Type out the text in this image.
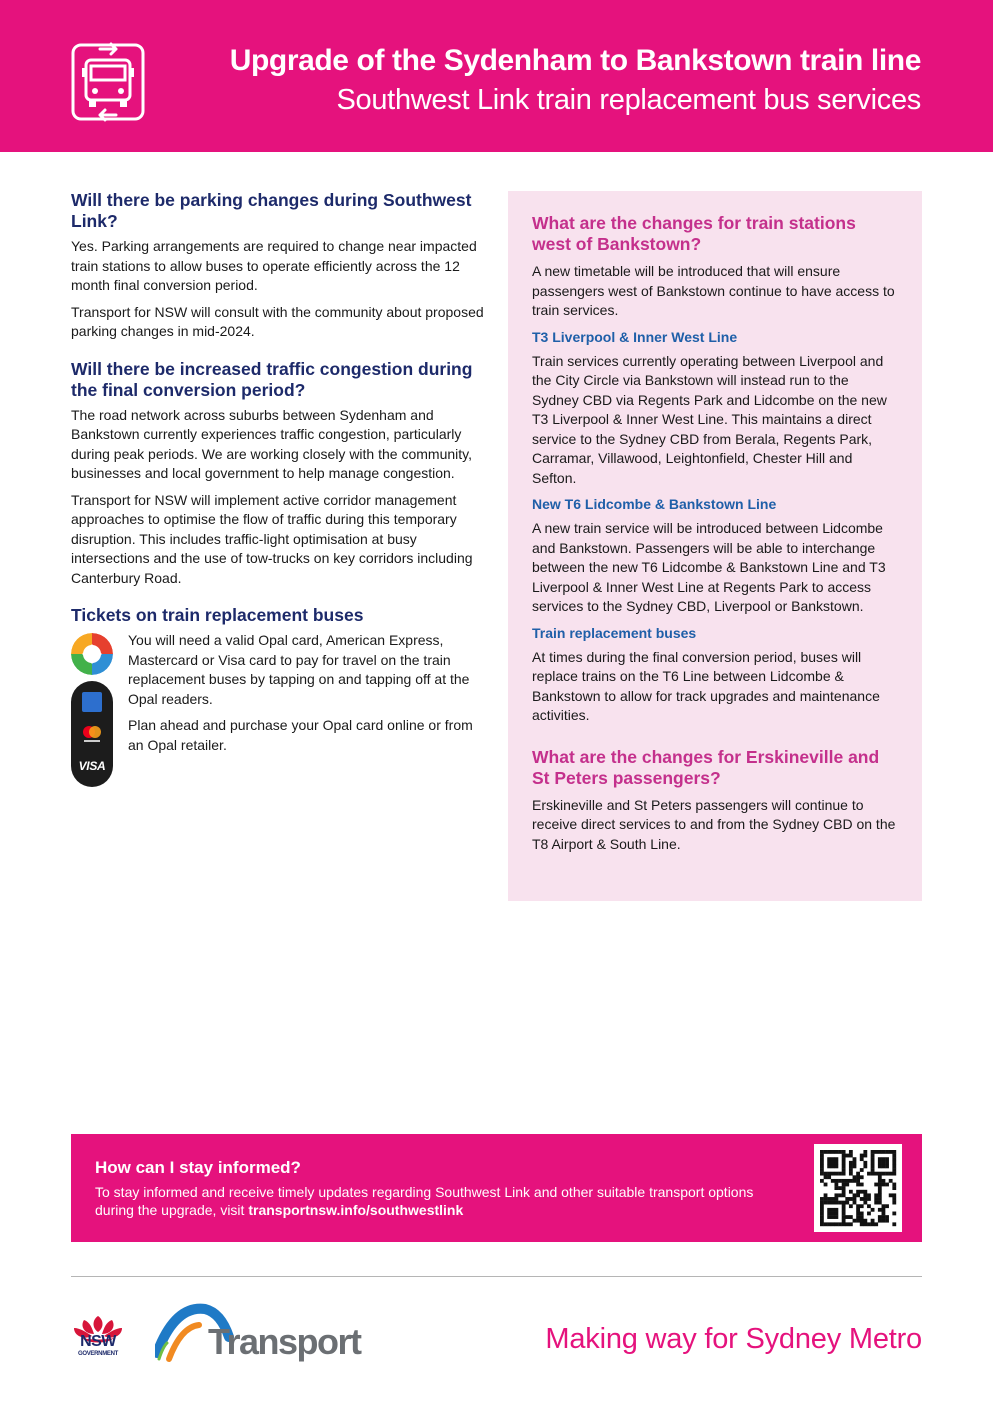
Upgrade of the Sydenham to Bankstown train line
Southwest Link train replacement bus services
Will there be parking changes during Southwest Link?

Yes. Parking arrangements are required to change near impacted train stations to allow buses to operate efficiently across the 12 month final conversion period.

Transport for NSW will consult with the community about proposed parking changes in mid-2024.

Will there be increased traffic congestion during the final conversion period?

The road network across suburbs between Sydenham and Bankstown currently experiences traffic congestion, particularly during peak periods. We are working closely with the community, businesses and local government to help manage congestion.

Transport for NSW will implement active corridor management approaches to optimise the flow of traffic during this temporary disruption. This includes traffic-light optimisation at busy intersections and the use of tow-trucks on key corridors including Canterbury Road.

Tickets on train replacement buses
VISA

You will need a valid Opal card, American Express, Mastercard or Visa card to pay for travel on the train replacement buses by tapping on and tapping off at the Opal readers.

Plan ahead and purchase your Opal card online or from an Opal retailer.

What are the changes for train stations west of Bankstown?

A new timetable will be introduced that will ensure passengers west of Bankstown continue to have access to train services.

T3 Liverpool & Inner West Line

Train services currently operating between Liverpool and the City Circle via Bankstown will instead run to the Sydney CBD via Regents Park and Lidcombe on the new T3 Liverpool & Inner West Line. This maintains a direct service to the Sydney CBD from Berala, Regents Park, Carramar, Villawood, Leightonfield, Chester Hill and Sefton.

New T6 Lidcombe & Bankstown Line

A new train service will be introduced between Lidcombe and Bankstown. Passengers will be able to interchange between the new T6 Lidcombe & Bankstown Line and T3 Liverpool & Inner West Line at Regents Park to access services to the Sydney CBD, Liverpool or Bankstown.

Train replacement buses

At times during the final conversion period, buses will replace trains on the T6 Line between Lidcombe & Bankstown to allow for track upgrades and maintenance activities.

What are the changes for Erskineville and St Peters passengers?

Erskineville and St Peters passengers will continue to receive direct services to and from the Sydney CBD on the T8 Airport & South Line.

How can I stay informed?

To stay informed and receive timely updates regarding Southwest Link and other suitable transport options during the upgrade, visit transportnsw.info/southwestlink

NSW
GOVERNMENT	Transport	Making way for Sydney Metro
